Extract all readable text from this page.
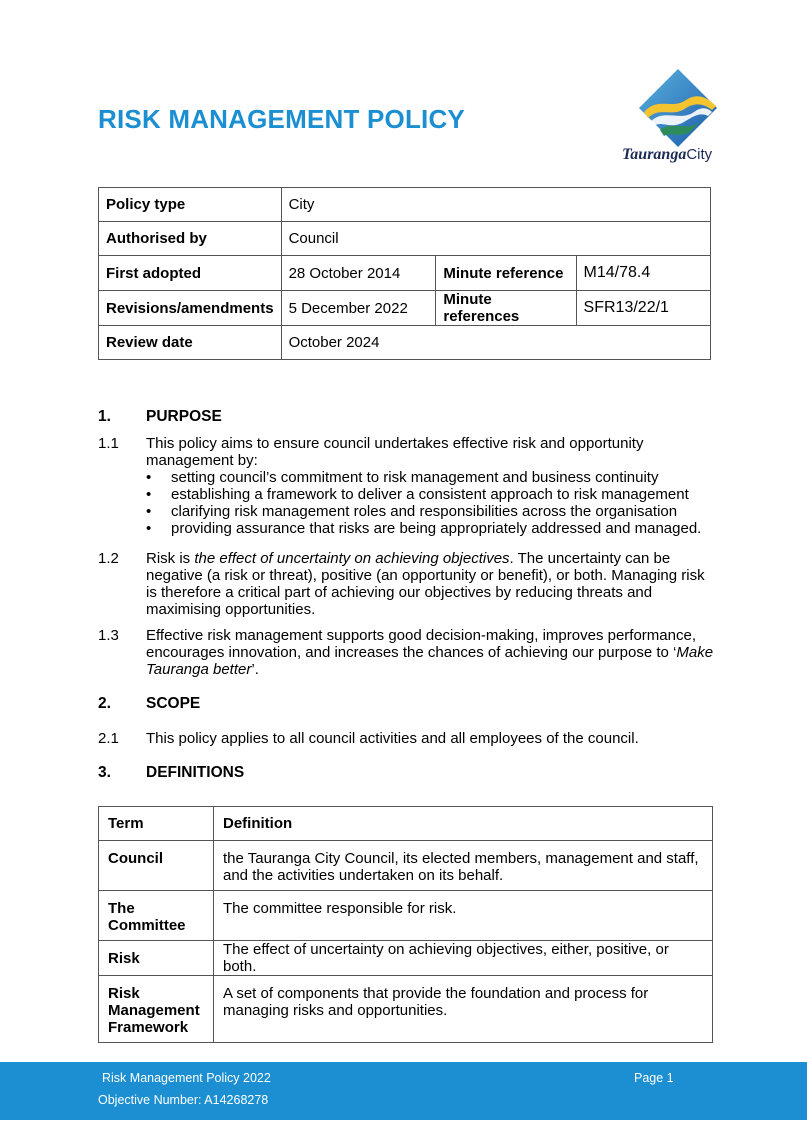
RISK MANAGEMENT POLICY
TaurangaCity
Policy type	City		
Authorised by	Council		
First adopted	28 October 2014	Minute reference	M14/78.4
Revisions/amendments	5 December 2022	Minute references	SFR13/22/1
Review date	October 2024		
1. PURPOSE
1.1 This policy aims to ensure council undertakes effective risk and opportunity management by:
• setting council’s commitment to risk management and business continuity
• establishing a framework to deliver a consistent approach to risk management
• clarifying risk management roles and responsibilities across the organisation
• providing assurance that risks are being appropriately addressed and managed.
1.2 Risk is the effect of uncertainty on achieving objectives. The uncertainty can be negative (a risk or threat), positive (an opportunity or benefit), or both. Managing risk is therefore a critical part of achieving our objectives by reducing threats and maximising opportunities.
1.3 Effective risk management supports good decision-making, improves performance, encourages innovation, and increases the chances of achieving our purpose to ‘Make Tauranga better’.
2. SCOPE
2.1 This policy applies to all council activities and all employees of the council.
3. DEFINITIONS
Term	Definition
Council	the Tauranga City Council, its elected members, management and staff, and the activities undertaken on its behalf.
The Committee	The committee responsible for risk.
Risk	The effect of uncertainty on achieving objectives, either, positive, or both.
Risk Management Framework	A set of components that provide the foundation and process for managing risks and opportunities.
Risk Management Policy 2022	Page 1
Objective Number: A14268278
